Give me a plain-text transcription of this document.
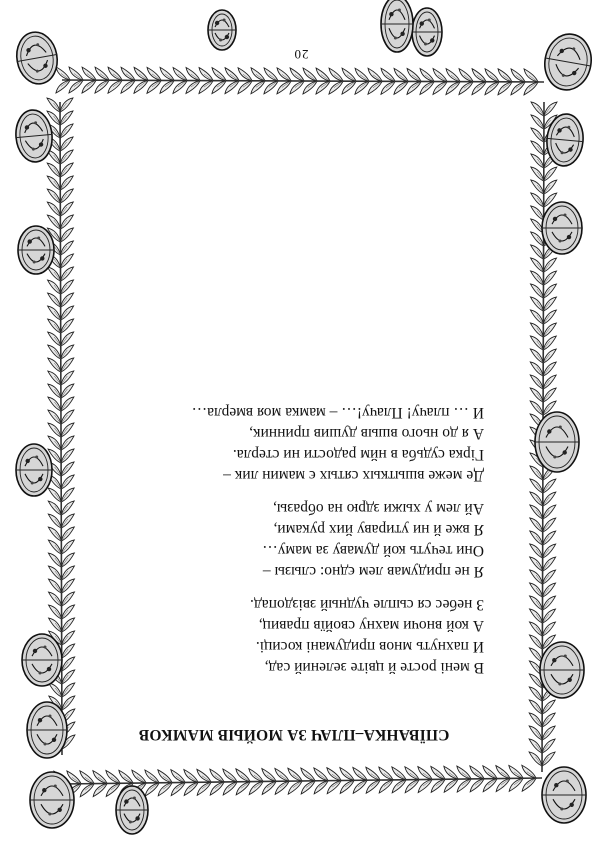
20
СПЇВАНКА–ПЛАЧ ЗА МОЙЫВ МАМКОВ
В мені росте й цвіте зелений сад,
И пахнуть мнов придумані косиці.
А кой вночи махну свойїв правиц,
З небес ся сыпле чудный звіздопад.
Я не придумав лем єдно: слызы –
Они течуть кой думаву за маму…
Я вже й ни утираву йих руками,
Ай лем у хыжи здрю на образы,
Де меже вшыткых сятых є мамин лик –
Гірка судьба в нйм радости ни стерла.
А я до нього вшыв душив принник,
И … плачу! Плачу!… – мамка моя вмерла…
